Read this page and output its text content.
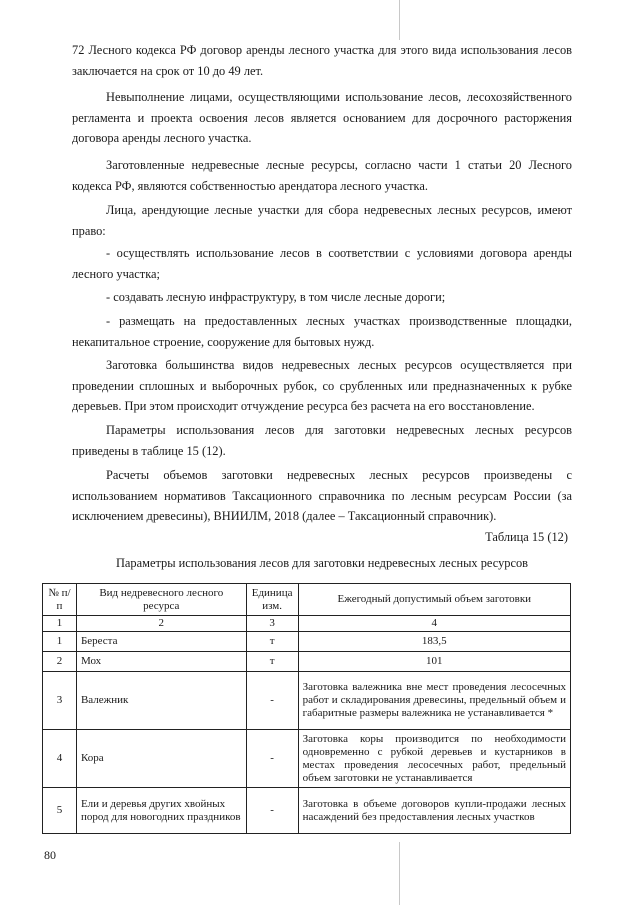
72 Лесного кодекса РФ договор аренды лесного участка для этого вида использования лесов заключается на срок от 10 до 49 лет.

Невыполнение лицами, осуществляющими использование лесов, лесохозяйственного регламента и проекта освоения лесов является основанием для досрочного расторжения договора аренды лесного участка.

Заготовленные недревесные лесные ресурсы, согласно части 1 статьи 20 Лесного кодекса РФ, являются собственностью арендатора лесного участка.

Лица, арендующие лесные участки для сбора недревесных лесных ресурсов, имеют право:

- осуществлять использование лесов в соответствии с условиями договора аренды лесного участка;

- создавать лесную инфраструктуру, в том числе лесные дороги;

- размещать на предоставленных лесных участках производственные площадки, некапитальное строение, сооружение для бытовых нужд.

Заготовка большинства видов недревесных лесных ресурсов осуществляется при проведении сплошных и выборочных рубок, со срубленных или предназначенных к рубке деревьев. При этом происходит отчуждение ресурса без расчета на его восстановление.

Параметры использования лесов для заготовки недревесных лесных ресурсов приведены в таблице 15 (12).

Расчеты объемов заготовки недревесных лесных ресурсов произведены с использованием нормативов Таксационного справочника по лесным ресурсам России (за исключением древесины), ВНИИЛМ, 2018 (далее – Таксационный справочник).

Таблица 15 (12)
Параметры использования лесов для заготовки недревесных лесных ресурсов
№ п/п	Вид недревесного лесного ресурса	Единица изм.	Ежегодный допустимый объем заготовки
1	2	3	4
1	Береста	т	183,5
2	Мох	т	101
3	Валежник	-	Заготовка валежника вне мест проведения лесосечных работ и складирования древесины, предельный объем и габаритные размеры валежника не устанавливается *
4	Кора	-	Заготовка коры производится по необходимости одновременно с рубкой деревьев и кустарников в местах проведения лесосечных работ, предельный объем заготовки не устанавливается
5	Ели и деревья других хвойных пород для новогодних праздников	-	Заготовка в объеме договоров купли-продажи лесных насаждений без предоставления лесных участков
80
